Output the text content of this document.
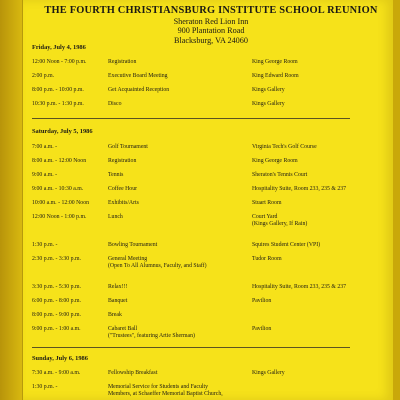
THE FOURTH CHRISTIANSBURG INSTITUTE SCHOOL REUNION
Sheraton Red Lion Inn
900 Plantation Road
Blacksburg, VA 24060
Friday, July 4, 1986
12:00 Noon - 7:00 p.m.	Registration	King George Room
2:00 p.m.	Executive Board Meeting	King Edward Room
8:00 p.m. - 10:00 p.m.	Get Acquainted Reception	Kings Gallery
10:30 p.m. - 1:30 p.m.	Disco	Kings Gallery
Saturday, July 5, 1986
7:00 a.m. -	Golf Tournament	Virginia Tech's Golf Course
8:00 a.m. - 12:00 Noon	Registration	King George Room
9:00 a.m. -	Tennis	Sheraton's Tennis Court
9:00 a.m. - 10:30 a.m.	Coffee Hour	Hospitality Suite, Room 233, 235 & 237
10:00 a.m. - 12:00 Noon	Exhibits/Arts	Stuart Room
12:00 Noon - 1:00 p.m.	Lunch	Court Yard
(Kings Gallery, If Rain)
1:30 p.m. -	Bowling Tournament	Squires Student Center (VPI)
2:30 p.m. - 3:30 p.m.	General Meeting	Tudor Room
(Open To All Alumnus, Faculty, and Staff)
3:30 p.m. - 5:30 p.m.	Relax!!!	Hospitality Suite, Room 233, 235 & 237
6:00 p.m. - 8:00 p.m.	Banquet	Pavilion
8:00 p.m. - 9:00 p.m.	Break
9:00 p.m. - 1:00 a.m.	Cabaret Ball	Pavilion
("Trustees", featuring Artie Sherman)
Sunday, July 6, 1986
7:30 a.m. - 9:00 a.m.	Fellowship Breakfast	Kings Gallery
1:30 p.m. -	Memorial Service for Students and Faculty
Members, at Schaeffer Memorial Baptist Church,
